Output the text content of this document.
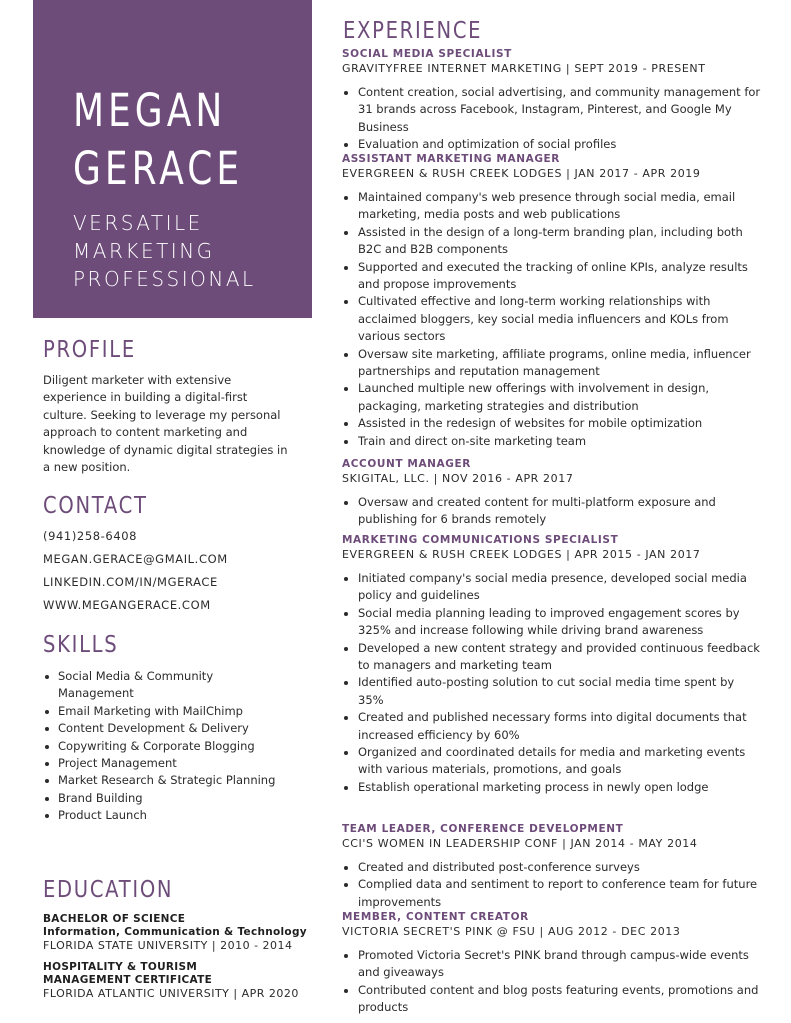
MEGAN
GERACE
VERSATILE
MARKETING
PROFESSIONAL
PROFILE
Diligent marketer with extensive experience in building a digital-first culture. Seeking to leverage my personal approach to content marketing and knowledge of dynamic digital strategies in a new position.
CONTACT
(941)258-6408
MEGAN.GERACE@GMAIL.COM
LINKEDIN.COM/IN/MGERACE
WWW.MEGANGERACE.COM
SKILLS
Social Media & Community Management
Email Marketing with MailChimp
Content Development & Delivery
Copywriting & Corporate Blogging
Project Management
Market Research & Strategic Planning
Brand Building
Product Launch
EDUCATION
BACHELOR OF SCIENCE
Information, Communication & Technology
FLORIDA STATE UNIVERSITY | 2010 - 2014
HOSPITALITY & TOURISM
MANAGEMENT CERTIFICATE
FLORIDA ATLANTIC UNIVERSITY | APR 2020
EXPERIENCE
SOCIAL MEDIA SPECIALIST
GRAVITYFREE INTERNET MARKETING | SEPT 2019 - PRESENT
Content creation, social advertising, and community management for 31 brands across Facebook, Instagram, Pinterest, and Google My Business
Evaluation and optimization of social profiles
ASSISTANT MARKETING MANAGER
EVERGREEN & RUSH CREEK LODGES | JAN 2017 - APR 2019
Maintained company's web presence through social media, email marketing, media posts and web publications
Assisted in the design of a long-term branding plan, including both B2C and B2B components
Supported and executed the tracking of online KPIs, analyze results and propose improvements
Cultivated effective and long-term working relationships with acclaimed bloggers, key social media influencers and KOLs from various sectors
Oversaw site marketing, affiliate programs, online media, influencer partnerships and reputation management
Launched multiple new offerings with involvement in design, packaging, marketing strategies and distribution
Assisted in the redesign of websites for mobile optimization
Train and direct on-site marketing team
ACCOUNT MANAGER
SKIGITAL, LLC. | NOV 2016 - APR 2017
Oversaw and created content for multi-platform exposure and publishing for 6 brands remotely
MARKETING COMMUNICATIONS SPECIALIST
EVERGREEN & RUSH CREEK LODGES | APR 2015 - JAN 2017
Initiated company's social media presence, developed social media policy and guidelines
Social media planning leading to improved engagement scores by 325% and increase following while driving brand awareness
Developed a new content strategy and provided continuous feedback to managers and marketing team
Identified auto-posting solution to cut social media time spent by 35%
Created and published necessary forms into digital documents that increased efficiency by 60%
Organized and coordinated details for media and marketing events with various materials, promotions, and goals
Establish operational marketing process in newly open lodge
TEAM LEADER, CONFERENCE DEVELOPMENT
CCI'S WOMEN IN LEADERSHIP CONF | JAN 2014 - MAY 2014
Created and distributed post-conference surveys
Complied data and sentiment to report to conference team for future improvements
MEMBER, CONTENT CREATOR
VICTORIA SECRET'S PINK @ FSU | AUG 2012 - DEC 2013
Promoted Victoria Secret's PINK brand through campus-wide events and giveaways
Contributed content and blog posts featuring events, promotions and products
